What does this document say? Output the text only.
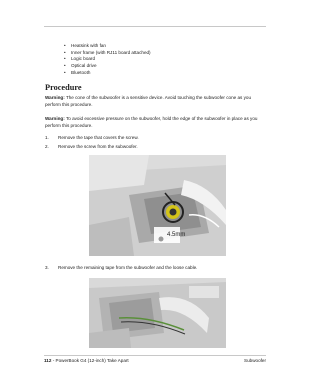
• Heatsink with fan
• Inner frame (with RJ11 board attached)
• Logic board
• Optical drive
• Bluetooth
Procedure
Warning: The cone of the subwoofer is a sensitive device. Avoid touching the subwoofer cone as you perform this procedure.
Warning: To avoid excessive pressure on the subwoofer, hold the edge of the subwoofer in place as you perform this procedure.
1. Remove the tape that covers the screw.
2. Remove the screw from the subwoofer.
4.5mm
3. Remove the remaining tape from the subwoofer and the loose cable.
112 - PowerBook G4 (12-inch) Take Apart	Subwoofer
